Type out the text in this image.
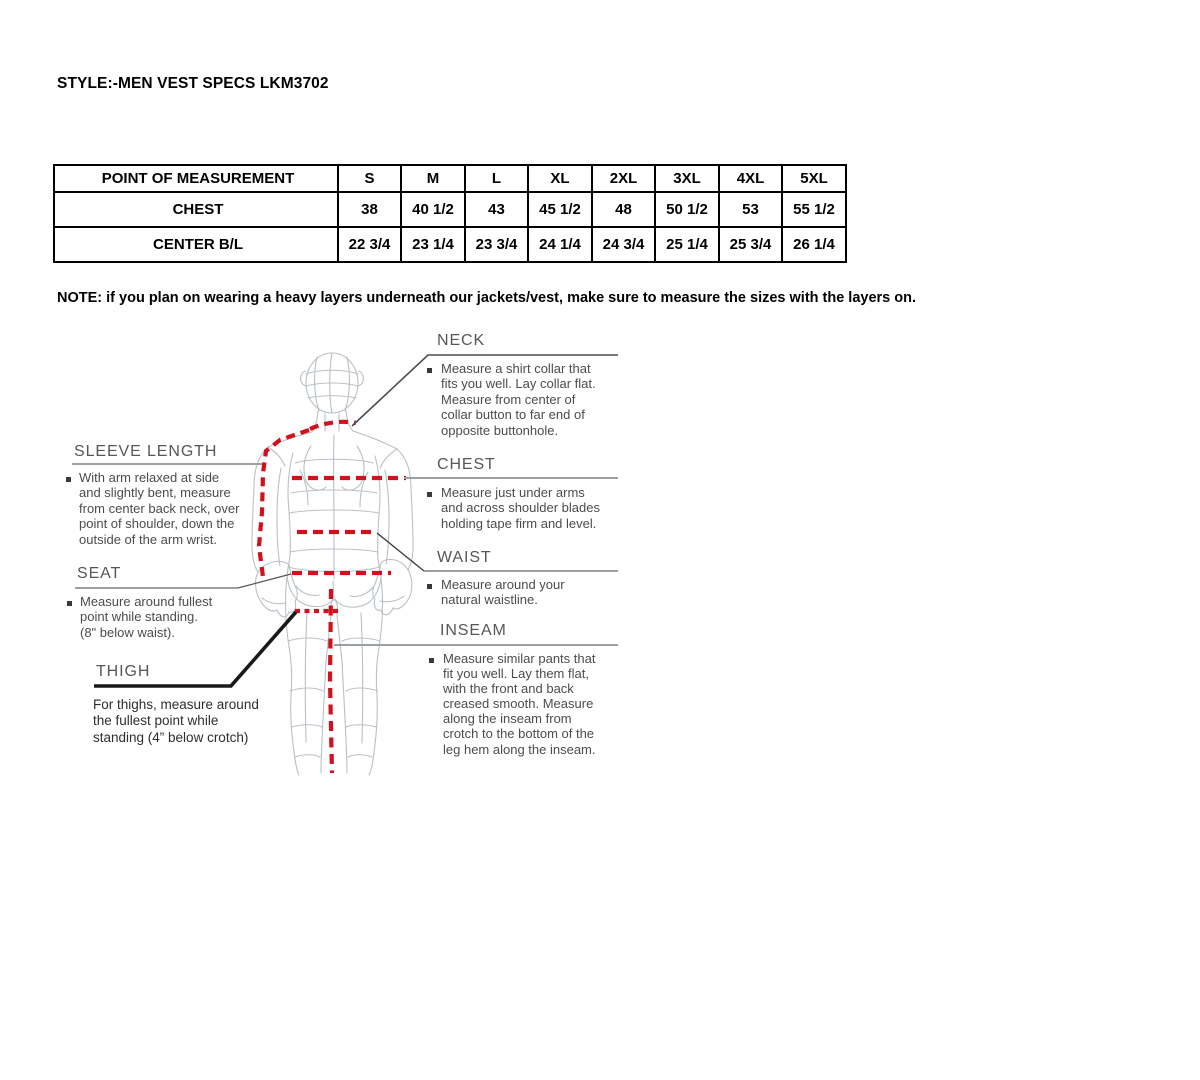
STYLE:-MEN VEST SPECS LKM3702
POINT OF MEASUREMENT	S	M	L	XL	2XL	3XL	4XL	5XL
CHEST	38	40 1/2	43	45 1/2	48	50 1/2	53	55 1/2
CENTER B/L	22 3/4	23 1/4	23 3/4	24 1/4	24 3/4	25 1/4	25 3/4	26 1/4
NOTE: if you plan on wearing a heavy layers underneath our jackets/vest, make sure to measure the sizes with the layers on.
SLEEVE LENGTH
With arm relaxed at side
and slightly bent, measure
from center back neck, over
point of shoulder, down the
outside of the arm wrist.
SEAT
Measure around fullest
point while standing.
(8" below waist).
THIGH
For thighs, measure around
the fullest point while
standing (4” below crotch)
NECK
Measure a shirt collar that
fits you well. Lay collar flat.
Measure from center of
collar button to far end of
opposite buttonhole.
CHEST
Measure just under arms
and across shoulder blades
holding tape firm and level.
WAIST
Measure around your
natural waistline.
INSEAM
Measure similar pants that
fit you well. Lay them flat,
with the front and back
creased smooth. Measure
along the inseam from
crotch to the bottom of the
leg hem along the inseam.
